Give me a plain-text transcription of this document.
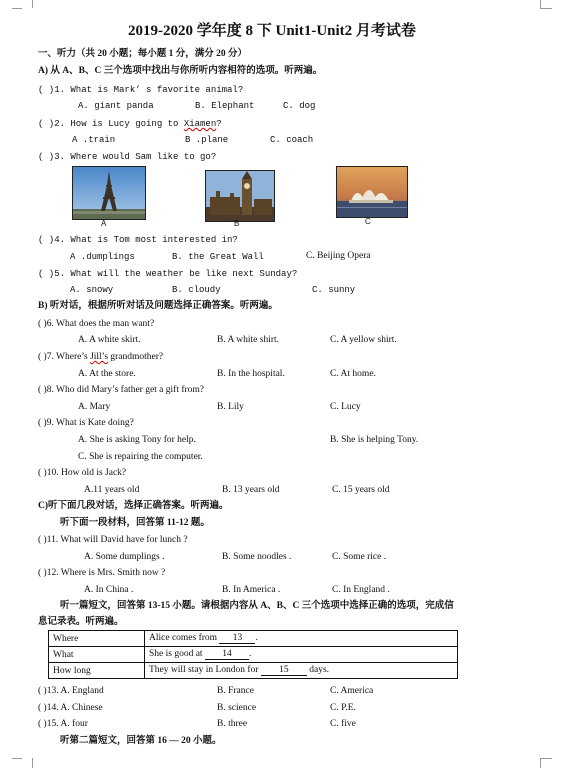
2019-2020 学年度 8 下 Unit1-Unit2 月考试卷
一、听力（共 20 小题；每小题 1 分，满分 20 分）
A) 从 A、B、C 三个选项中找出与你所听内容相符的选项。听两遍。
( )1. What is Mark’ s favorite animal?
A. giant panda	B. Elephant	C. dog
( )2. How is Lucy going to Xiamen?
A .train	B .plane	C. coach
( )3. Where would Sam like to go?
A	B	C
( )4. What is Tom most interested in?
A .dumplings	B. the Great Wall	C. Beijing Opera
( )5. What will the weather be like next Sunday?
A. snowy	B. cloudy	C. sunny
B) 听对话，根据所听对话及问题选择正确答案。听两遍。
( )6. What does the man want?
A. A white skirt.	B. A white shirt.	C. A yellow shirt.
( )7. Where’s Jill’s grandmother?
A. At the store.	B. In the hospital.	C. At home.
( )8. Who did Mary’s father get a gift from?
A. Mary	B. Lily	C. Lucy
( )9. What is Kate doing?
A. She is asking Tony for help.	B. She is helping Tony.
C. She is repairing the computer.
( )10. How old is Jack?
A.11 years old	B. 13 years old	C. 15 years old
C)听下面几段对话，选择正确答案。听两遍。
听下面一段材料，回答第 11-12 题。
( )11. What will David have for lunch ?
A. Some dumplings .	B. Some noodles .	C. Some rice .
( )12. Where is Mrs. Smith now ?
A. In China .	B. In America .	C. In England .
听一篇短文，回答第 13-15 小题。请根据内容从 A、B、C 三个选项中选择正确的选项，完成信
息记录表。听两遍。
Where	Alice comes from 13 .
What	She is good at 14 .
How long	They will stay in London for 15 days.
( )13. A. England	B. France	C. America
( )14. A. Chinese	B. science	C. P.E.
( )15. A. four	B. three	C. five
听第二篇短文，回答第 16 — 20 小题。
